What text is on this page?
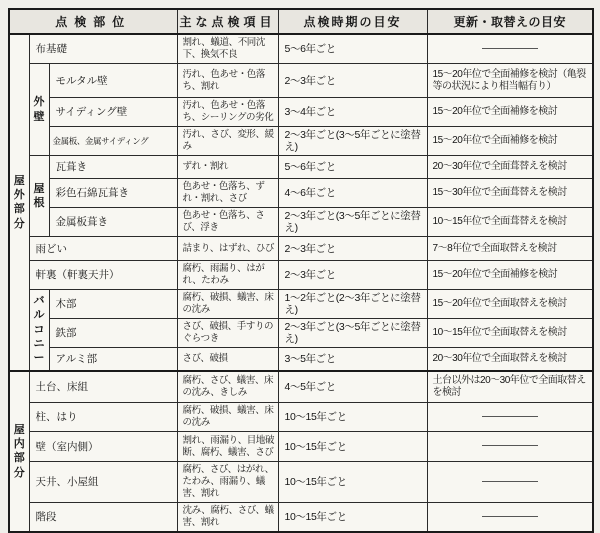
点検部位			主な点検項目	点検時期の目安	更新・取替えの目安

屋外部分	布基礎		割れ、蟻道、不同沈下、換気不良	5〜6年ごと	

	外壁	モルタル壁	汚れ、色あせ・色落ち、割れ	2〜3年ごと	15〜20年位で全面補修を検討（亀裂等の状況により相当幅有り）
		サイディング壁	汚れ、色あせ・色落ち、シーリングの劣化	3〜4年ごと	15〜20年位で全面補修を検討
		金属板、金属サイディング	汚れ、さび、変形、緩み	2〜3年ごと(3〜5年ごとに塗替え)	15〜20年位で全面補修を検討

	屋根	瓦葺き	ずれ・割れ	5〜6年ごと	20〜30年位で全面葺替えを検討
		彩色石綿瓦葺き	色あせ・色落ち、ずれ・割れ、さび	4〜6年ごと	15〜30年位で全面葺替えを検討
		金属板葺き	色あせ・色落ち、さび、浮き	2〜3年ごと(3〜5年ごとに塗替え)	10〜15年位で全面葺替えを検討
	雨どい		詰まり、はずれ、ひび	2〜3年ごと	7〜8年位で全面取替えを検討
	軒裏（軒裏天井）		腐朽、雨漏り、はがれ、たわみ	2〜3年ごと	15〜20年位で全面補修を検討

	バルコニー	木部	腐朽、破損、蟻害、床の沈み	1〜2年ごと(2〜3年ごとに塗替え)	15〜20年位で全面取替えを検討
		鉄部	さび、破損、手すりのぐらつき	2〜3年ごと(3〜5年ごとに塗替え)	10〜15年位で全面取替えを検討
		アルミ部	さび、破損	3〜5年ごと	20〜30年位で全面取替えを検討

屋内部分	土台、床組		腐朽、さび、蟻害、床の沈み、きしみ	4〜5年ごと	土台以外は20〜30年位で全面取替えを検討
	柱、はり		腐朽、破損、蟻害、床の沈み	10〜15年ごと	
	壁（室内側）		割れ、雨漏り、目地破断、腐朽、蟻害、さび	10〜15年ごと	
	天井、小屋組		腐朽、さび、はがれ、たわみ、雨漏り、蟻害、割れ	10〜15年ごと	
	階段		沈み、腐朽、さび、蟻害、割れ	10〜15年ごと	
